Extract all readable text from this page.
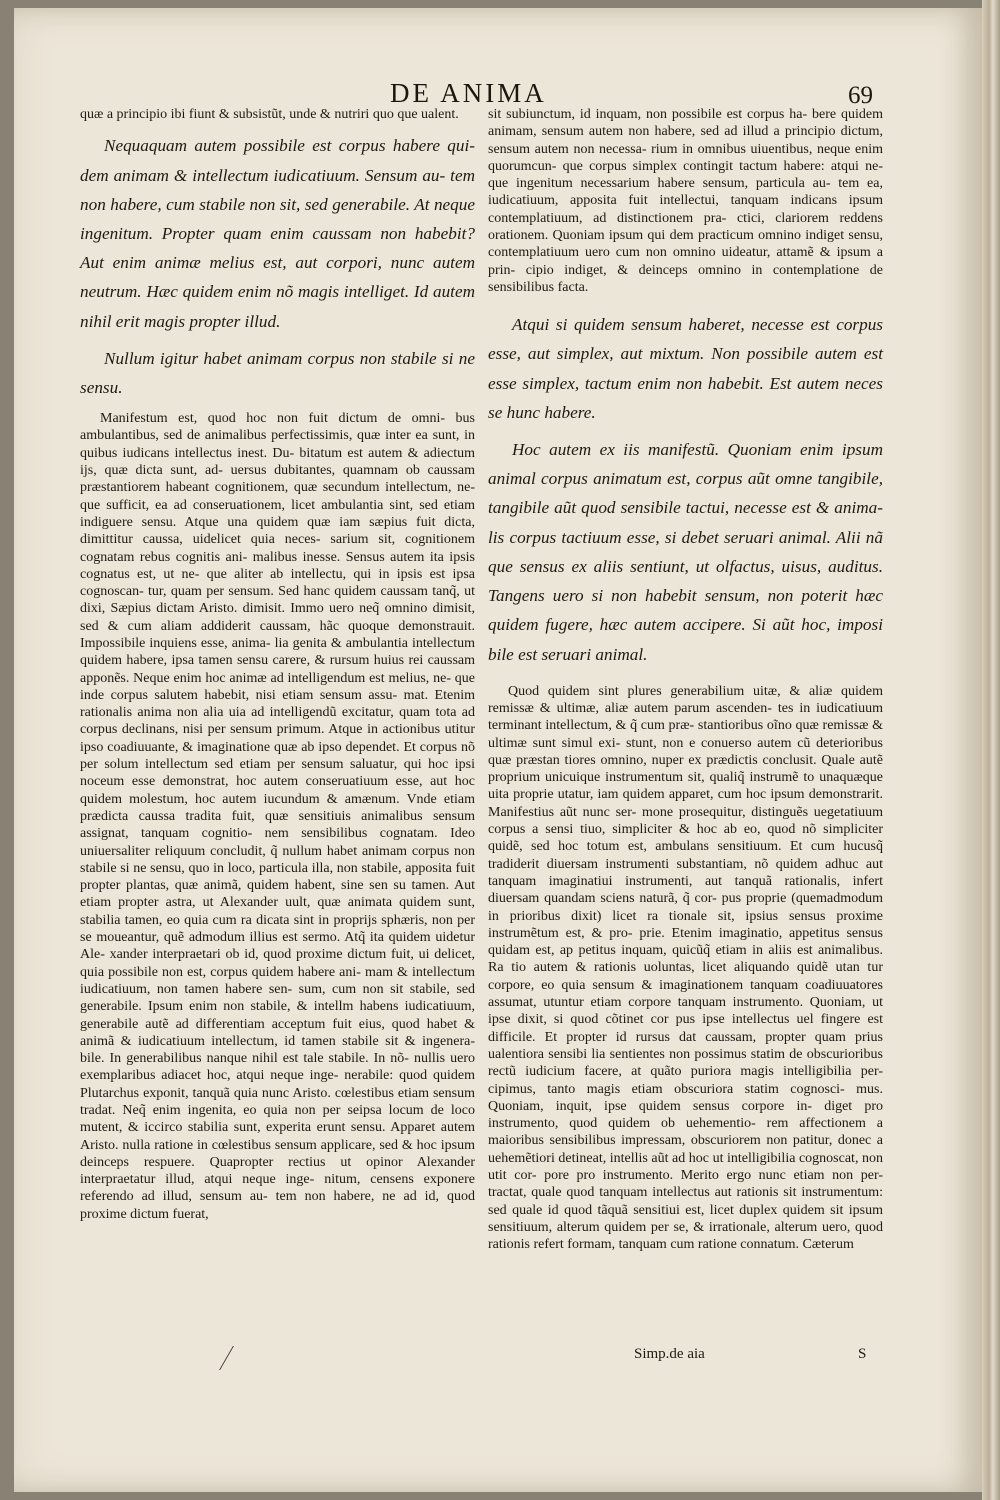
DE ANIMA	69

quæ a principio ibi fiunt & subsistũt, unde & nutriri quo que ualent.

Nequaquam autem possibile est corpus habere qui- dem animam & intellectum iudicatiuum. Sensum au- tem non habere, cum stabile non sit, sed generabile. At neque ingenitum. Propter quam enim caussam non habebit? Aut enim animæ melius est, aut corpori, nunc autem neutrum. Hæc quidem enim nõ magis intelliget. Id autem nihil erit magis propter illud.

Nullum igitur habet animam corpus non stabile si ne sensu.

Manifestum est, quod hoc non fuit dictum de omni- bus ambulantibus, sed de animalibus perfectissimis, quæ inter ea sunt, in quibus iudicans intellectus inest. Du- bitatum est autem & adiectum ijs, quæ dicta sunt, ad- uersus dubitantes, quamnam ob caussam præstantiorem habeant cognitionem, quæ secundum intellectum, ne- que sufficit, ea ad conseruationem, licet ambulantia sint, sed etiam indiguere sensu. Atque una quidem quæ iam sæpius fuit dicta, dimittitur caussa, uidelicet quia neces- sarium sit, cognitionem cognatam rebus cognitis ani- malibus inesse. Sensus autem ita ipsis cognatus est, ut ne- que aliter ab intellectu, qui in ipsis est ipsa cognoscan- tur, quam per sensum. Sed hanc quidem caussam tanq̃, ut dixi, Sæpius dictam Aristo. dimisit. Immo uero neq̃ omnino dimisit, sed & cum aliam addiderit caussam, hãc quoque demonstrauit. Impossibile inquiens esse, anima- lia genita & ambulantia intellectum quidem habere, ipsa tamen sensu carere, & rursum huius rei caussam apponẽs. Neque enim hoc animæ ad intelligendum est melius, ne- que inde corpus salutem habebit, nisi etiam sensum assu- mat. Etenim rationalis anima non alia uia ad intelligendũ excitatur, quam tota ad corpus declinans, nisi per sensum primum. Atque in actionibus utitur ipso coadiuuante, & imaginatione quæ ab ipso dependet. Et corpus nõ per solum intellectum sed etiam per sensum saluatur, qui hoc ipsi noceum esse demonstrat, hoc autem conseruatiuum esse, aut hoc quidem molestum, hoc autem iucundum & amænum. Vnde etiam prædicta caussa tradita fuit, quæ sensitiuis animalibus sensum assignat, tanquam cognitio- nem sensibilibus cognatam. Ideo uniuersaliter reliquum concludit, q̃ nullum habet animam corpus non stabile si ne sensu, quo in loco, particula illa, non stabile, apposita fuit propter plantas, quæ animã, quidem habent, sine sen su tamen. Aut etiam propter astra, ut Alexander uult, quæ animata quidem sunt, stabilia tamen, eo quia cum ra dicata sint in proprijs sphæris, non per se moueantur, quẽ admodum illius est sermo. Atq̃ ita quidem uidetur Ale- xander interpraetari ob id, quod proxime dictum fuit, ui delicet, quia possibile non est, corpus quidem habere ani- mam & intellectum iudicatiuum, non tamen habere sen- sum, cum non sit stabile, sed generabile. Ipsum enim non stabile, & intellm habens iudicatiuum, generabile autẽ ad differentiam acceptum fuit eius, quod habet & animã & iudicatiuum intellectum, id tamen stabile sit & ingenera- bile. In generabilibus nanque nihil est tale stabile. In nõ- nullis uero exemplaribus adiacet hoc, atqui neque inge- nerabile: quod quidem Plutarchus exponit, tanquã quia nunc Aristo. cœlestibus etiam sensum tradat. Neq̃ enim ingenita, eo quia non per seipsa locum de loco mutent, & iccirco stabilia sunt, experita erunt sensu. Apparet autem Aristo. nulla ratione in cœlestibus sensum applicare, sed & hoc ipsum deinceps respuere. Quapropter rectius ut opinor Alexander interpraetatur illud, atqui neque inge- nitum, censens exponere referendo ad illud, sensum au- tem non habere, ne ad id, quod proxime dictum fuerat,

sit subiunctum, id inquam, non possibile est corpus ha- bere quidem animam, sensum autem non habere, sed ad illud a principio dictum, sensum autem non necessa- rium in omnibus uiuentibus, neque enim quorumcun- que corpus simplex contingit tactum habere: atqui ne- que ingenitum necessarium habere sensum, particula au- tem ea, iudicatiuum, apposita fuit intellectui, tanquam indicans ipsum contemplatiuum, ad distinctionem pra- ctici, clariorem reddens orationem. Quoniam ipsum qui dem practicum omnino indiget sensu, contemplatiuum uero cum non omnino uideatur, attamẽ & ipsum a prin- cipio indiget, & deinceps omnino in contemplatione de sensibilibus facta.

Atqui si quidem sensum haberet, necesse est corpus esse, aut simplex, aut mixtum. Non possibile autem est esse simplex, tactum enim non habebit. Est autem neces se hunc habere.

Hoc autem ex iis manifestũ. Quoniam enim ipsum animal corpus animatum est, corpus aũt omne tangibile, tangibile aũt quod sensibile tactui, necesse est & anima- lis corpus tactiuum esse, si debet seruari animal. Alii nã que sensus ex aliis sentiunt, ut olfactus, uisus, auditus. Tangens uero si non habebit sensum, non poterit hæc quidem fugere, hæc autem accipere. Si aũt hoc, imposi bile est seruari animal.

Quod quidem sint plures generabilium uitæ, & aliæ quidem remissæ & ultimæ, aliæ autem parum ascenden- tes in iudicatiuum terminant intellectum, & q̃ cum præ- stantioribus oĩno quæ remissæ & ultimæ sunt simul exi- stunt, non e conuerso autem cũ deterioribus quæ præstan tiores omnino, nuper ex prædictis conclusit. Quale autẽ proprium unicuique instrumentum sit, qualiq̃ instrumẽ to unaquæque uita proprie utatur, iam quidem apparet, cum hoc ipsum demonstrarit. Manifestius aũt nunc ser- mone prosequitur, distinguẽs uegetatiuum corpus a sensi tiuo, simpliciter & hoc ab eo, quod nõ simpliciter quidẽ, sed hoc totum est, ambulans sensitiuum. Et cum hucusq̃ tradiderit diuersam instrumenti substantiam, nõ quidem adhuc aut tanquam imaginatiui instrumenti, aut tanquã rationalis, infert diuersam quandam sciens naturã, q̃ cor- pus proprie (quemadmodum in prioribus dixit) licet ra tionale sit, ipsius sensus proxime instrumẽtum est, & pro- prie. Etenim imaginatio, appetitus sensus quidam est, ap petitus inquam, quicũq̃ etiam in aliis est animalibus. Ra tio autem & rationis uoluntas, licet aliquando quidẽ utan tur corpore, eo quia sensum & imaginationem tanquam coadiuuatores assumat, utuntur etiam corpore tanquam instrumento. Quoniam, ut ipse dixit, si quod cõtinet cor pus ipse intellectus uel fingere est difficile. Et propter id rursus dat caussam, propter quam prius ualentiora sensibi lia sentientes non possimus statim de obscurioribus rectũ iudicium facere, at quãto puriora magis intelligibilia per- cipimus, tanto magis etiam obscuriora statim cognosci- mus. Quoniam, inquit, ipse quidem sensus corpore in- diget pro instrumento, quod quidem ob uehementio- rem affectionem a maioribus sensibilibus impressam, obscuriorem non patitur, donec a uehemẽtiori detineat, intellis aũt ad hoc ut intelligibilia cognoscat, non utit cor- pore pro instrumento. Merito ergo nunc etiam non per- tractat, quale quod tanquam intellectus aut rationis sit instrumentum: sed quale id quod tãquã sensitiui est, licet duplex quidem sit ipsum sensitiuum, alterum quidem per se, & irrationale, alterum uero, quod rationis refert formam, tanquam cum ratione connatum. Cæterum

Simp.de aia	S
